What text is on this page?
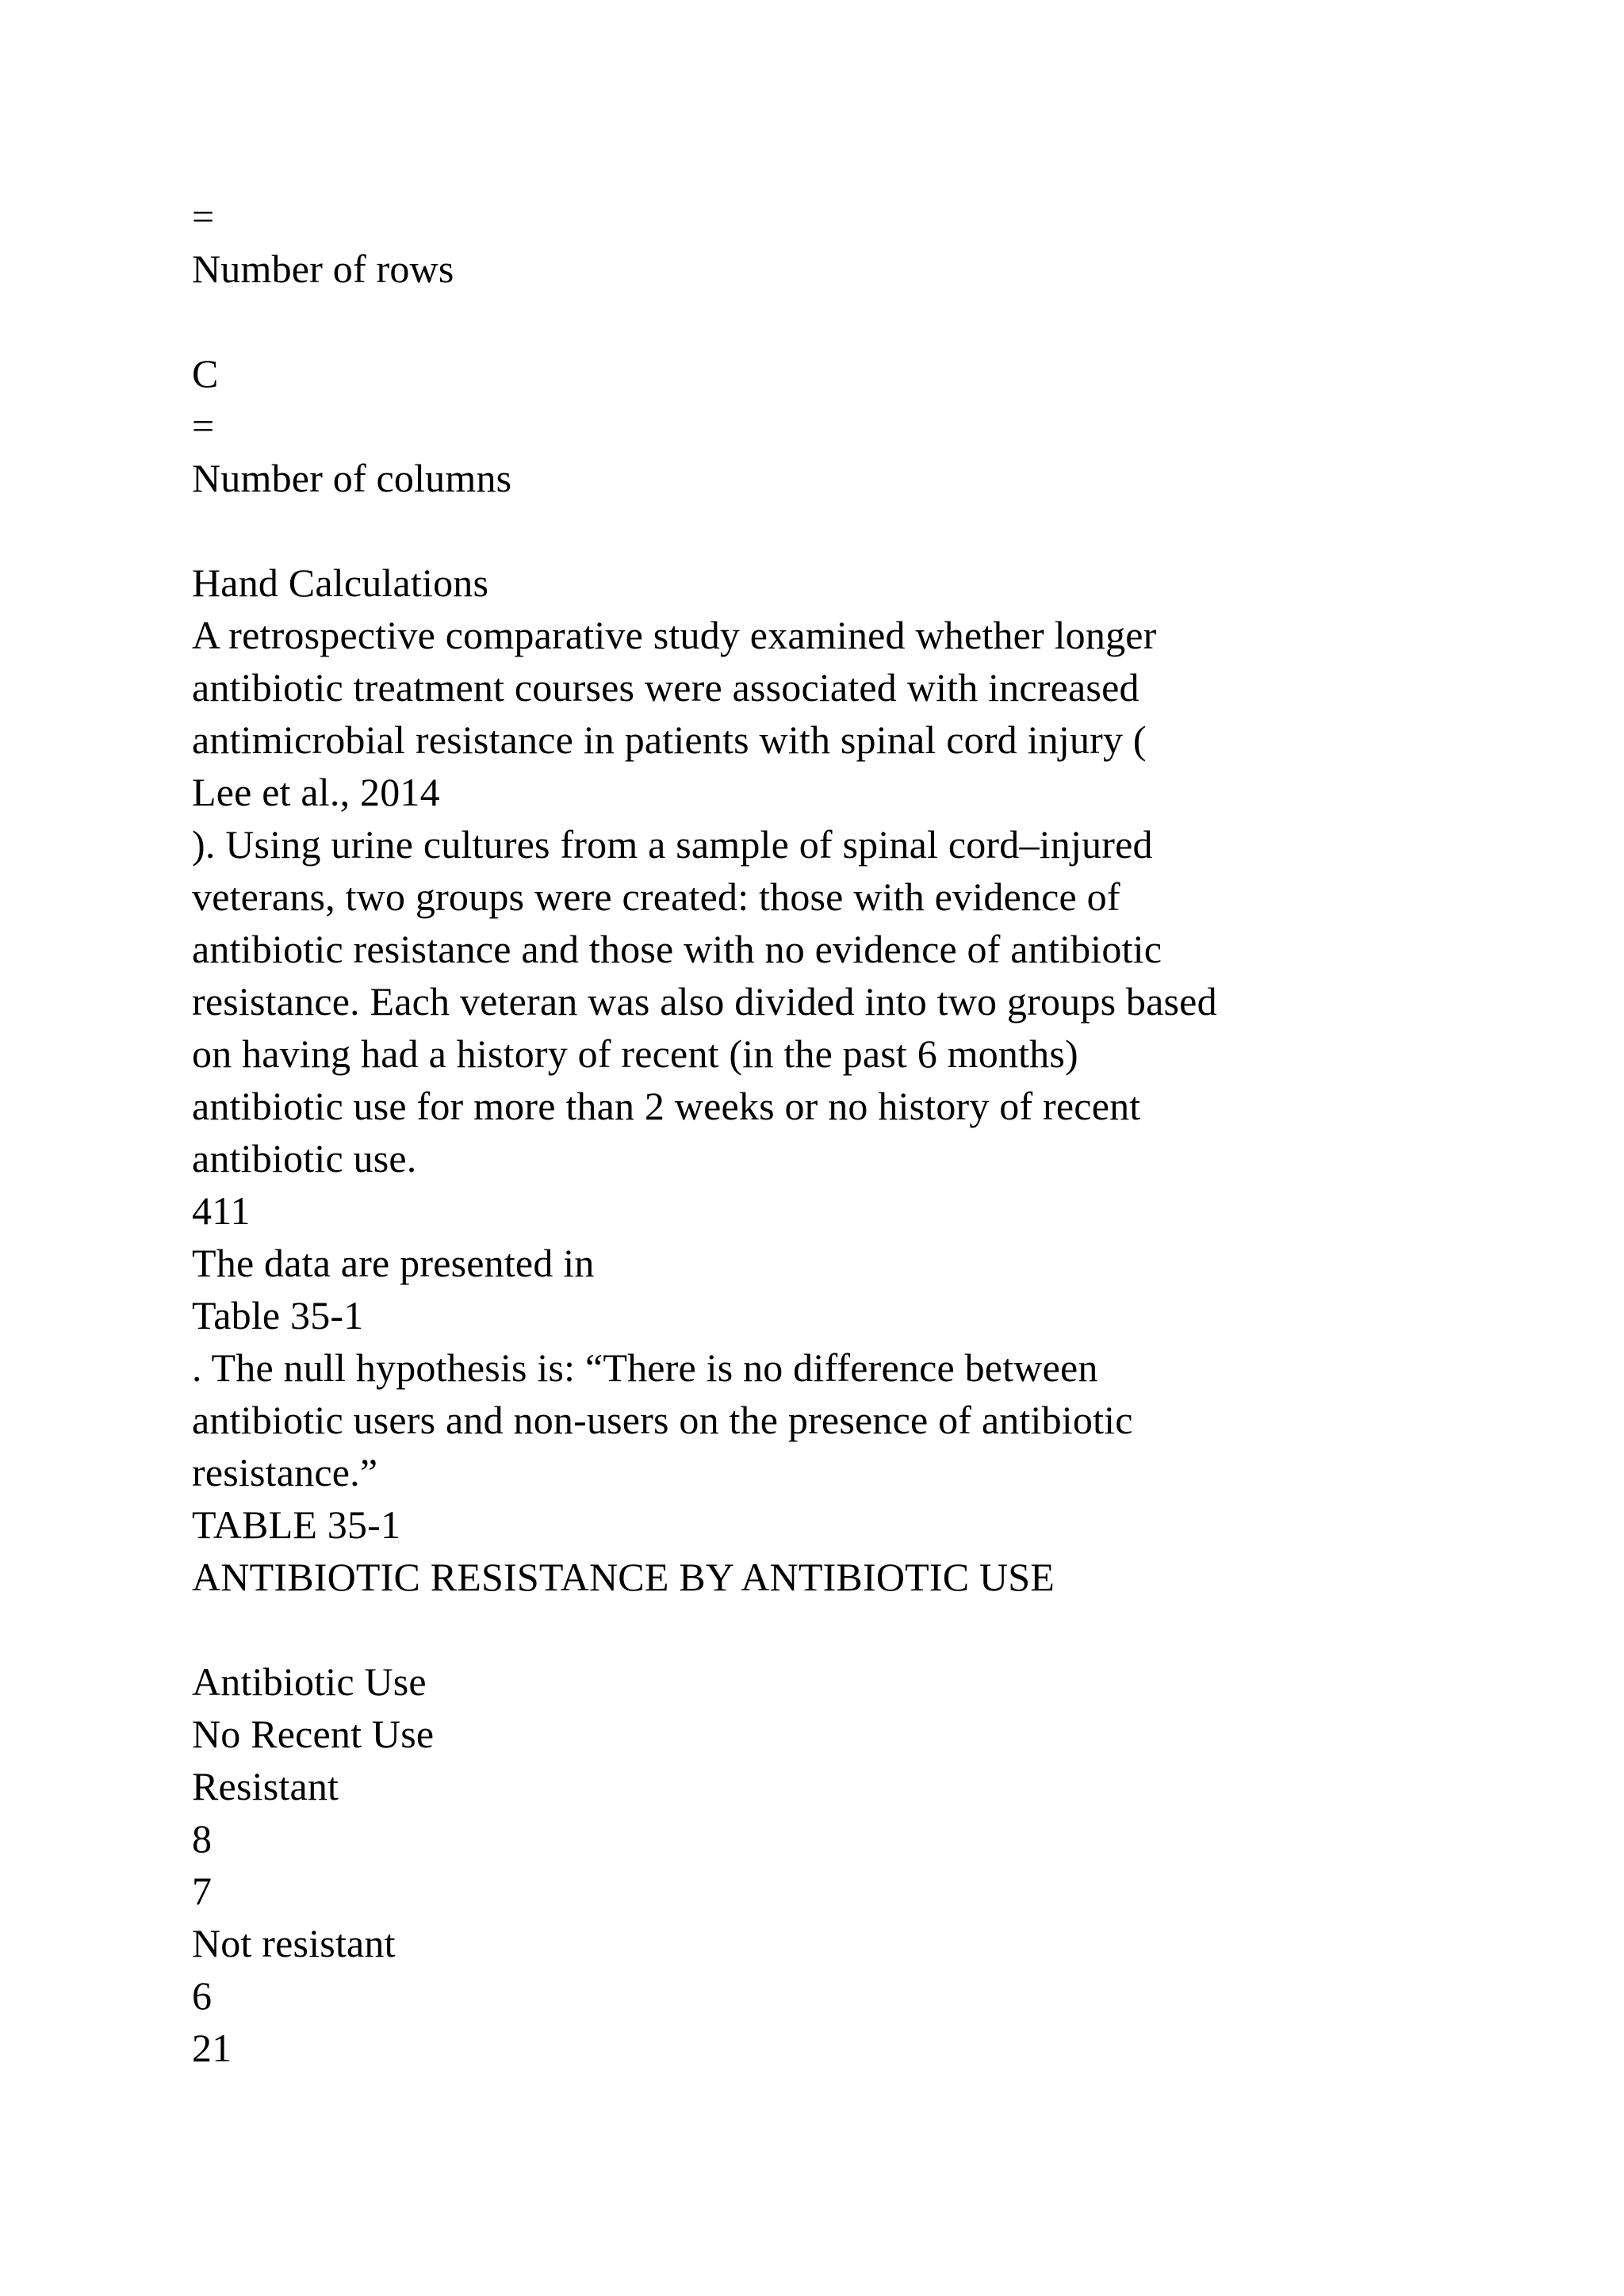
=
Number of rows
C
=
Number of columns
Hand Calculations
A retrospective comparative study examined whether longer
antibiotic treatment courses were associated with increased
antimicrobial resistance in patients with spinal cord injury (
Lee et al., 2014
). Using urine cultures from a sample of spinal cord–injured
veterans, two groups were created: those with evidence of
antibiotic resistance and those with no evidence of antibiotic
resistance. Each veteran was also divided into two groups based
on having had a history of recent (in the past 6 months)
antibiotic use for more than 2 weeks or no history of recent
antibiotic use.
411
The data are presented in
Table 35-1
. The null hypothesis is: “There is no difference between
antibiotic users and non-users on the presence of antibiotic
resistance.”
TABLE 35-1
ANTIBIOTIC RESISTANCE BY ANTIBIOTIC USE
Antibiotic Use
No Recent Use
Resistant
8
7
Not resistant
6
21
